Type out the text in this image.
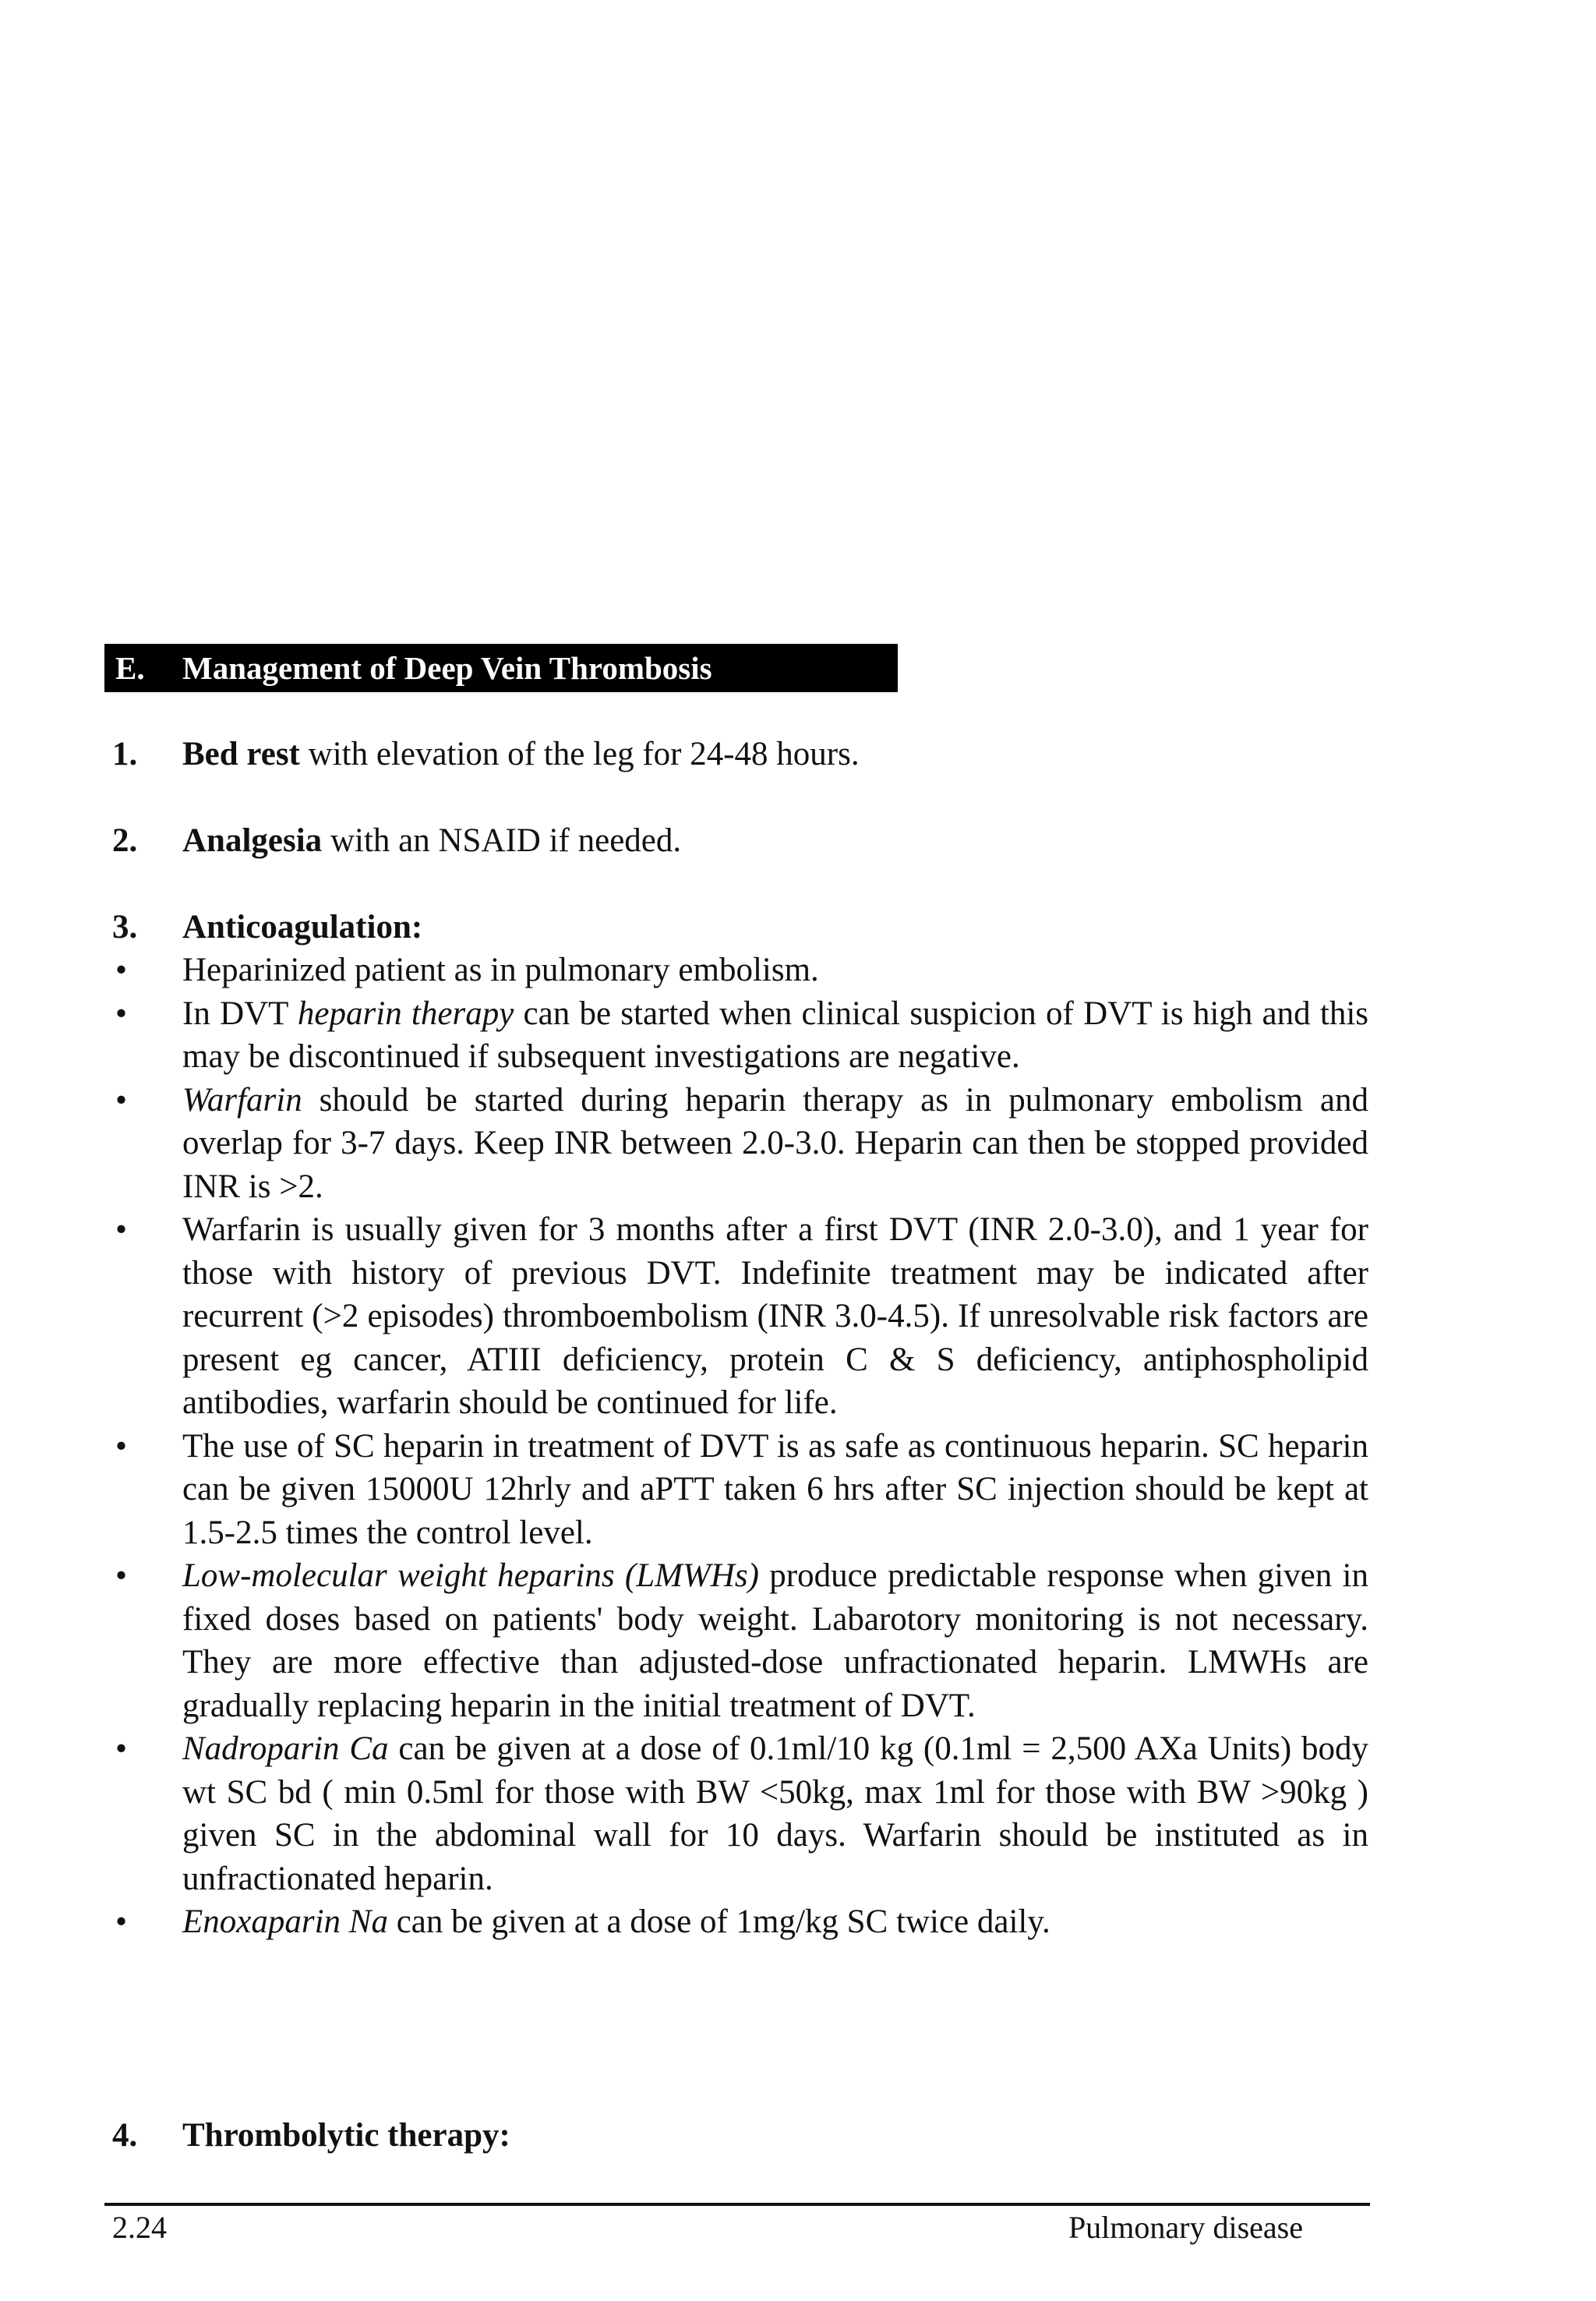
E. Management of Deep Vein Thrombosis
1. Bed rest with elevation of the leg for 24-48 hours.
2. Analgesia with an NSAID if needed.
3. Anticoagulation:
• Heparinized patient as in pulmonary embolism.
• In DVT heparin therapy can be started when clinical suspicion of DVT is high and this may be discontinued if subsequent investigations are negative.
• Warfarin should be started during heparin therapy as in pulmonary embolism and overlap for 3-7 days. Keep INR between 2.0-3.0. Heparin can then be stopped provided INR is >2.
• Warfarin is usually given for 3 months after a first DVT (INR 2.0-3.0), and 1 year for those with history of previous DVT. Indefinite treatment may be indicated after recurrent (>2 episodes) thromboembolism (INR 3.0-4.5). If unresolvable risk factors are present eg cancer, ATIII deficiency, protein C & S deficiency, antiphospholipid antibodies, warfarin should be continued for life.
• The use of SC heparin in treatment of DVT is as safe as continuous heparin. SC heparin can be given 15000U 12hrly and aPTT taken 6 hrs after SC injection should be kept at 1.5-2.5 times the control level.
• Low-molecular weight heparins (LMWHs) produce predictable response when given in fixed doses based on patients' body weight. Labarotory monitoring is not necessary. They are more effective than adjusted-dose unfractionated heparin. LMWHs are gradually replacing heparin in the initial treatment of DVT.
• Nadroparin Ca can be given at a dose of 0.1ml/10 kg (0.1ml = 2,500 AXa Units) body wt SC bd ( min 0.5ml for those with BW <50kg, max 1ml for those with BW >90kg ) given SC in the abdominal wall for 10 days. Warfarin should be instituted as in unfractionated heparin.
• Enoxaparin Na can be given at a dose of 1mg/kg SC twice daily.
4. Thrombolytic therapy:
2.24	Pulmonary disease
